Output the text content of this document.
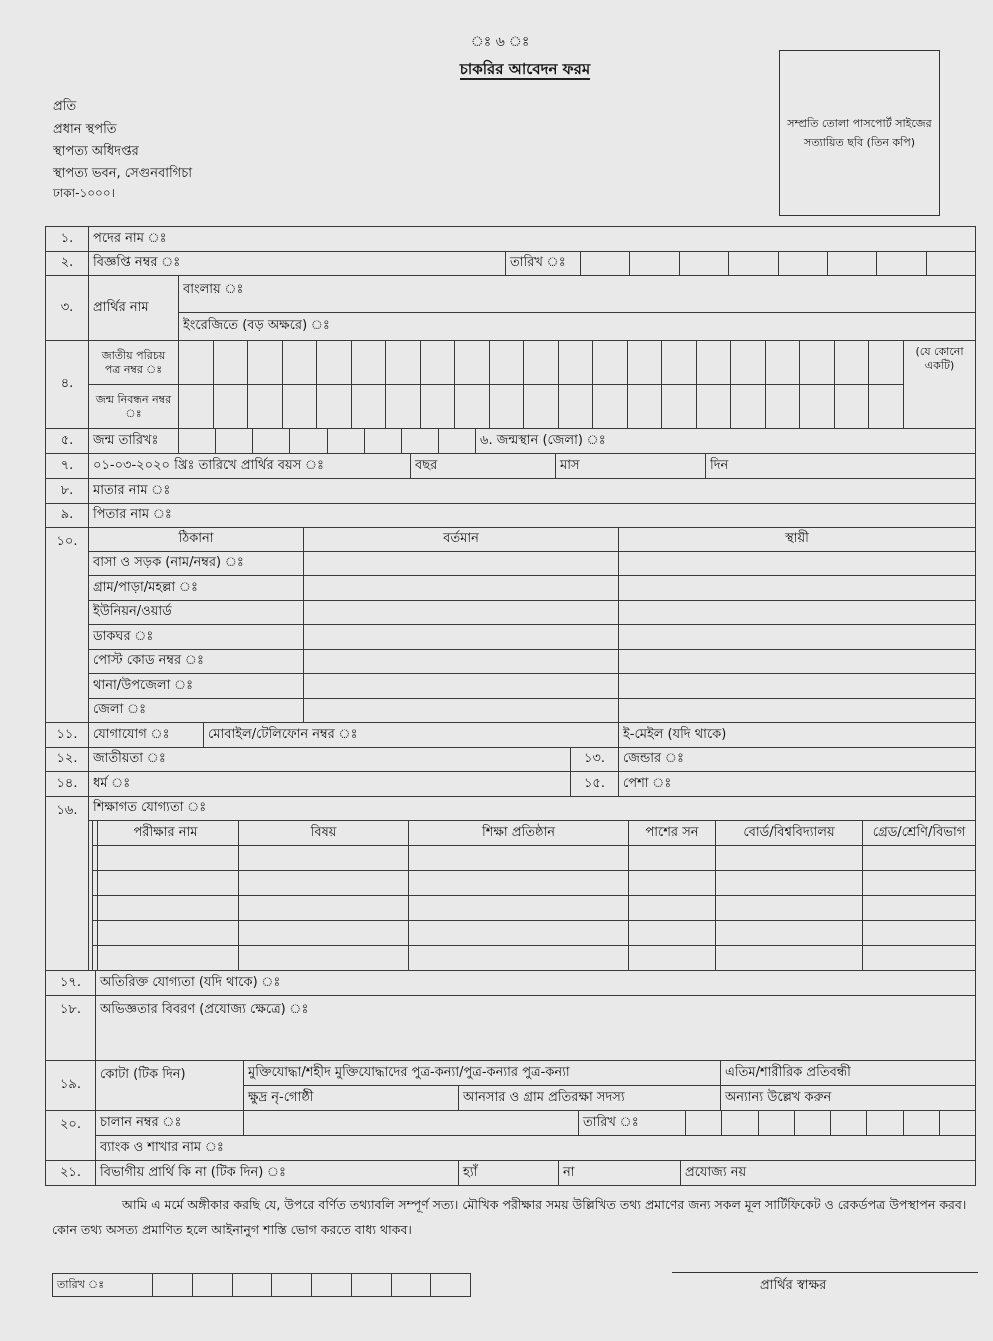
ঃ ৬ ঃ
চাকরির আবেদন ফরম
প্রতি
প্রধান স্থপতি
স্থাপত্য অধিদপ্তর
স্থাপত্য ভবন, সেগুনবাগিচা
ঢাকা-১০০০।
সম্প্রতি তোলা পাসপোর্ট সাইজের সত্যায়িত ছবি (তিন কপি)
১.	পদের নাম ঃ
২.	বিজ্ঞপ্তি নম্বর ঃ	তারিখ ঃ
৩.	প্রার্থির নাম
বাংলায় ঃ
ইংরেজিতে (বড় অক্ষরে) ঃ
৪.
জাতীয় পরিচয় পত্র নম্বর ঃ
জন্ম নিবন্ধন নম্বর ঃ
(যে কোনো একটি)
৫.	জন্ম তারিখঃ	৬. জন্মস্থান (জেলা) ঃ
৭.	০১-০৩-২০২০ খ্রিঃ তারিখে প্রার্থির বয়স ঃ	বছর	মাস	দিন
৮.	মাতার নাম ঃ
৯.	পিতার নাম ঃ
১০.	ঠিকানা	বর্তমান	স্থায়ী
বাসা ও সড়ক (নাম/নম্বর) ঃ
গ্রাম/পাড়া/মহল্লা ঃ
ইউনিয়ন/ওয়ার্ড
ডাকঘর ঃ
পোস্ট কোড নম্বর ঃ
থানা/উপজেলা ঃ
জেলা ঃ
১১.	যোগাযোগ ঃ	মোবাইল/টেলিফোন নম্বর ঃ	ই-মেইল (যদি থাকে)
১২.	জাতীয়তা ঃ	১৩.	জেন্ডার ঃ
১৪.	ধর্ম ঃ	১৫.	পেশা ঃ
১৬.	শিক্ষাগত যোগ্যতা ঃ
পরীক্ষার নাম	বিষয়	শিক্ষা প্রতিষ্ঠান	পাশের সন	বোর্ড/বিশ্ববিদ্যালয়	গ্রেড/শ্রেণি/বিভাগ
১৭.	অতিরিক্ত যোগ্যতা (যদি থাকে) ঃ
১৮.	অভিজ্ঞতার বিবরণ (প্রযোজ্য ক্ষেত্রে) ঃ
১৯.
কোটা (টিক দিন)	মুক্তিযোদ্ধা/শহীদ মুক্তিযোদ্ধাদের পুত্র-কন্যা/পুত্র-কন্যার পুত্র-কন্যা	এতিম/শারীরিক প্রতিবন্ধী
ক্ষুদ্র নৃ-গোষ্ঠী	আনসার ও গ্রাম প্রতিরক্ষা সদস্য	অন্যান্য উল্লেখ করুন
২০.	চালান নম্বর ঃ	তারিখ ঃ
ব্যাংক ও শাখার নাম ঃ
২১.	বিভাগীয় প্রার্থি কি না (টিক দিন) ঃ	হ্যাঁ	না	প্রযোজ্য নয়
আমি এ মর্মে অঙ্গীকার করছি যে, উপরে বর্ণিত তথ্যাবলি সম্পূর্ণ সত্য। মৌখিক পরীক্ষার সময় উল্লিখিত তথ্য প্রমাণের জন্য সকল মূল সার্টিফিকেট ও রেকর্ডপত্র উপস্থাপন করব। কোন তথ্য অসত্য প্রমাণিত হলে আইনানুগ শাস্তি ভোগ করতে বাধ্য থাকব।
তারিখ ঃ	প্রার্থির স্বাক্ষর
